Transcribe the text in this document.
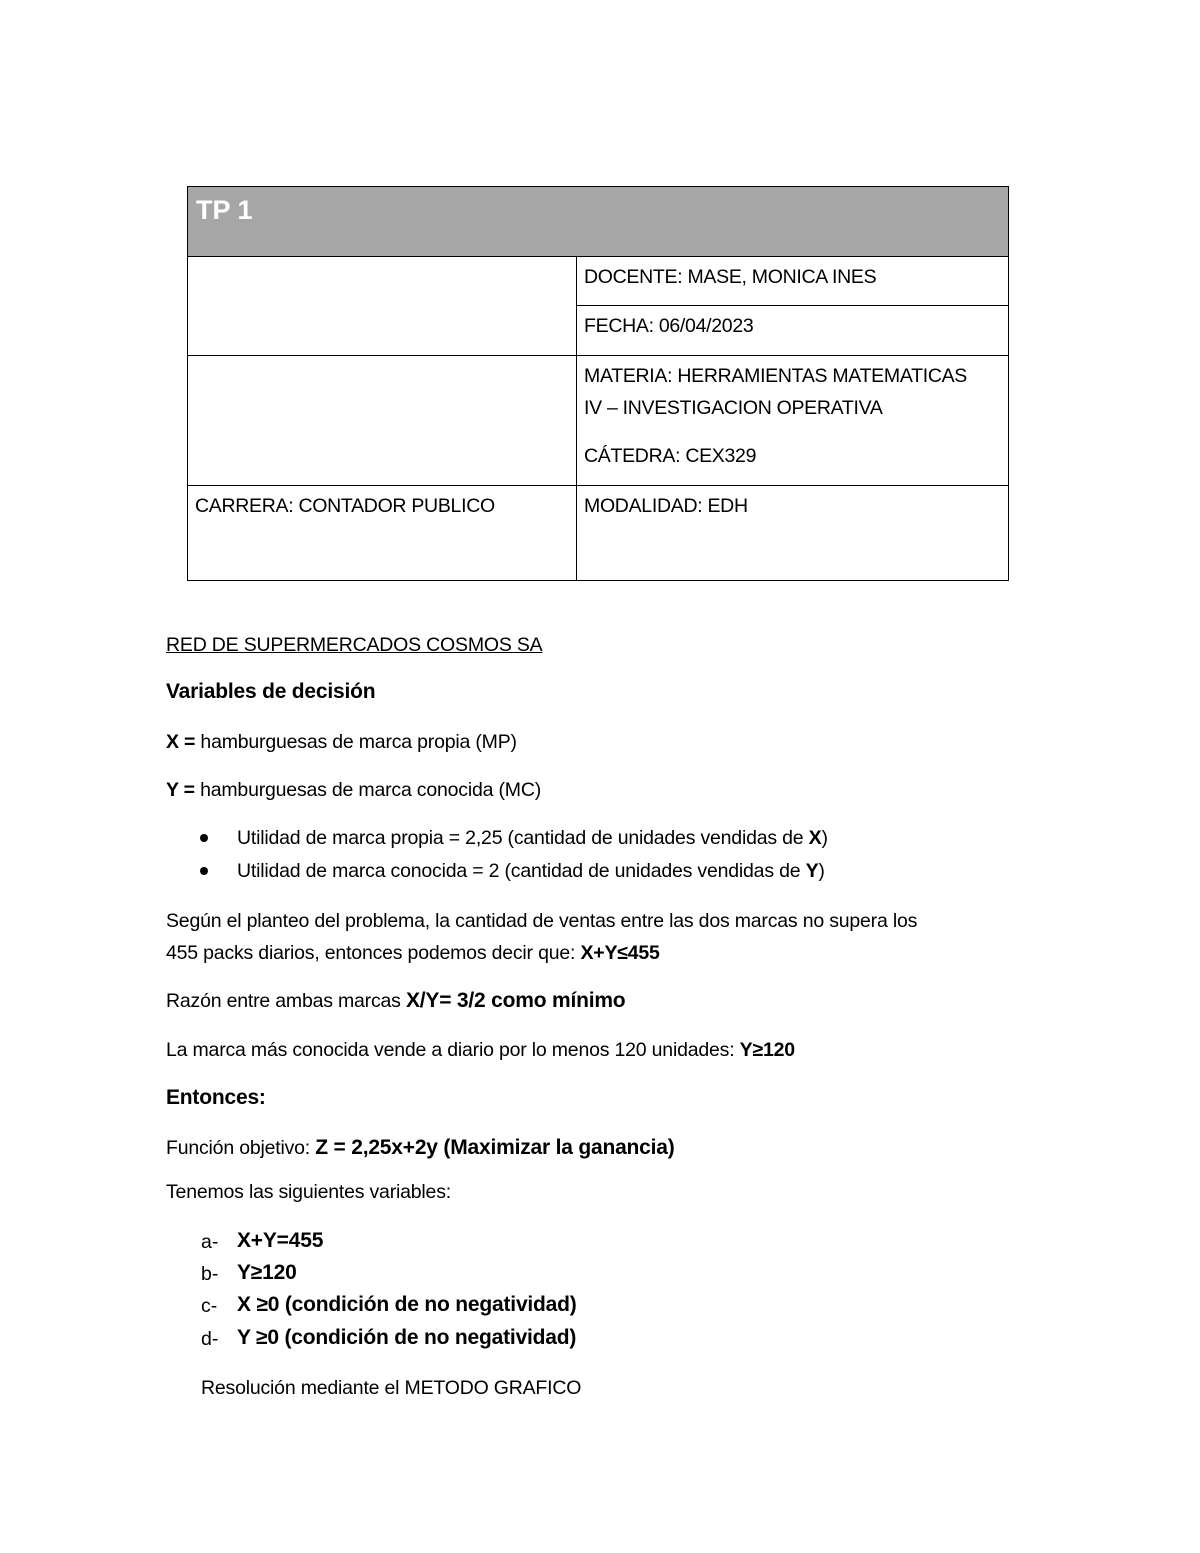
TP 1
DOCENTE: MASE, MONICA INES
FECHA: 06/04/2023
MATERIA: HERRAMIENTAS MATEMATICAS
IV – INVESTIGACION OPERATIVA
CÁTEDRA: CEX329
CARRERA: CONTADOR PUBLICO	MODALIDAD: EDH
RED DE SUPERMERCADOS COSMOS SA
Variables de decisión
X = hamburguesas de marca propia (MP)
Y = hamburguesas de marca conocida (MC)
Utilidad de marca propia = 2,25 (cantidad de unidades vendidas de X)
Utilidad de marca conocida = 2 (cantidad de unidades vendidas de Y)
Según el planteo del problema, la cantidad de ventas entre las dos marcas no supera los
455 packs diarios, entonces podemos decir que: X+Y≤455
Razón entre ambas marcas X/Y= 3/2 como mínimo
La marca más conocida vende a diario por lo menos 120 unidades: Y≥120
Entonces:
Función objetivo: Z = 2,25x+2y (Maximizar la ganancia)
Tenemos las siguientes variables:
a- X+Y=455
b- Y≥120
c- X ≥0 (condición de no negatividad)
d- Y ≥0 (condición de no negatividad)
Resolución mediante el METODO GRAFICO
